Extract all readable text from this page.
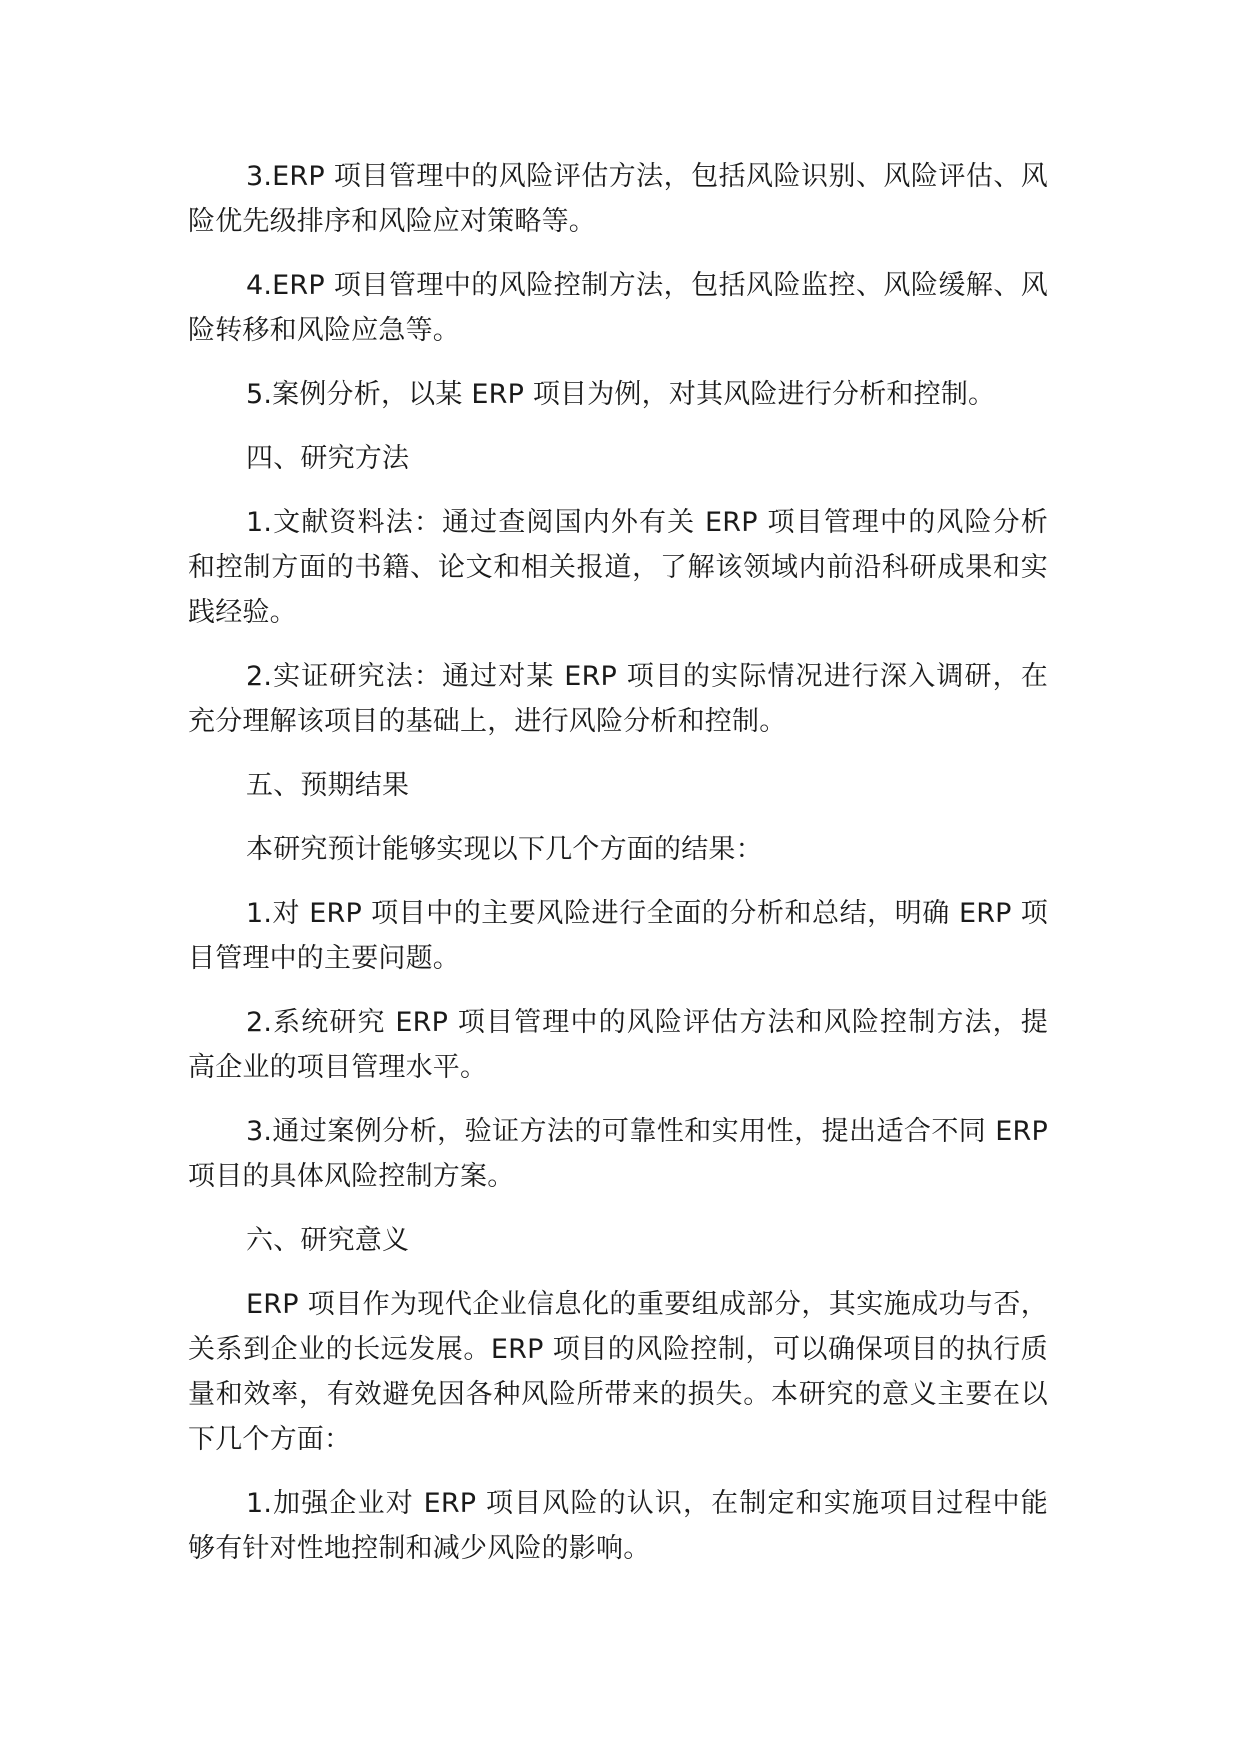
3.ERP 项目管理中的风险评估方法，包括风险识别、风险评估、风险优先级排序和风险应对策略等。

4.ERP 项目管理中的风险控制方法，包括风险监控、风险缓解、风险转移和风险应急等。

5.案例分析，以某 ERP 项目为例，对其风险进行分析和控制。

四、研究方法

1.文献资料法：通过查阅国内外有关 ERP 项目管理中的风险分析和控制方面的书籍、论文和相关报道，了解该领域内前沿科研成果和实践经验。

2.实证研究法：通过对某 ERP 项目的实际情况进行深入调研，在充分理解该项目的基础上，进行风险分析和控制。

五、预期结果

本研究预计能够实现以下几个方面的结果：

1.对 ERP 项目中的主要风险进行全面的分析和总结，明确 ERP 项目管理中的主要问题。

2.系统研究 ERP 项目管理中的风险评估方法和风险控制方法，提高企业的项目管理水平。

3.通过案例分析，验证方法的可靠性和实用性，提出适合不同 ERP 项目的具体风险控制方案。

六、研究意义

ERP 项目作为现代企业信息化的重要组成部分，其实施成功与否，关系到企业的长远发展。ERP 项目的风险控制，可以确保项目的执行质量和效率，有效避免因各种风险所带来的损失。本研究的意义主要在以下几个方面：

1.加强企业对 ERP 项目风险的认识，在制定和实施项目过程中能够有针对性地控制和减少风险的影响。
